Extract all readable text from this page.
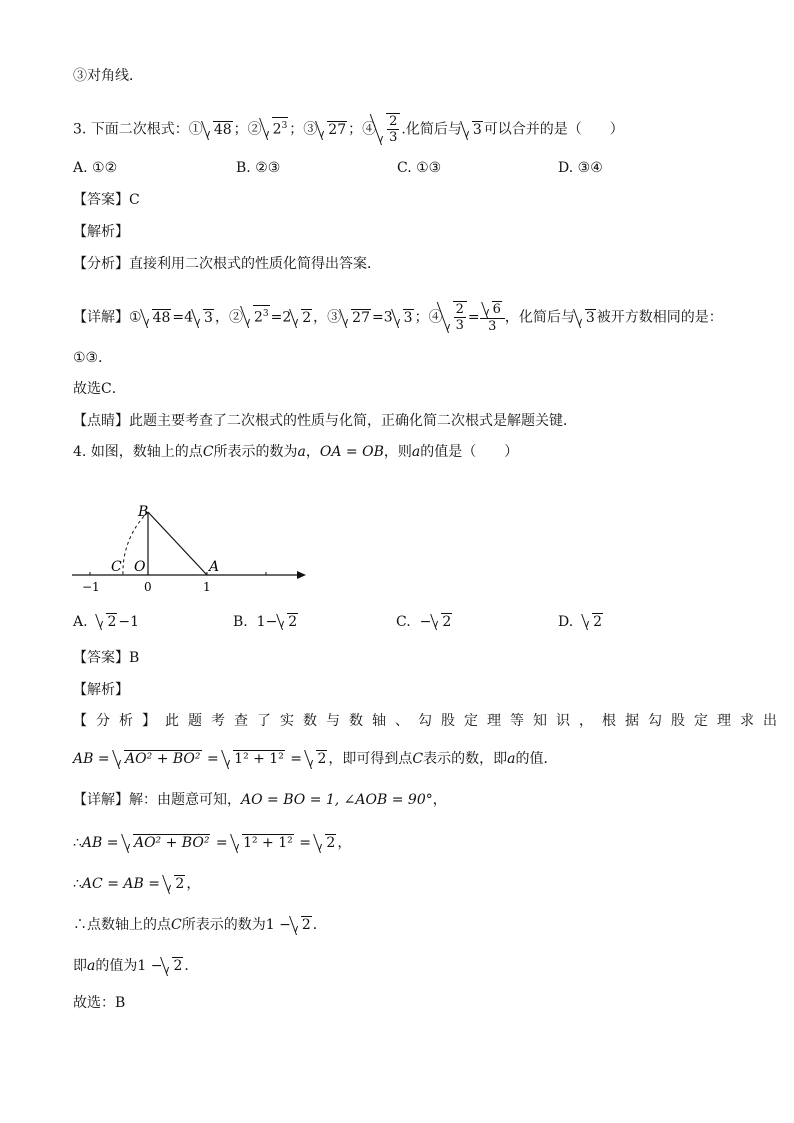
③对角线．
3. 下面二次根式：① 48 ；② $2^3$ ；③ 27 ；④ $\frac{2}{3}$ .化简后与 3 可以合并的是（　　）
A. ①②	B. ②③	C. ①③	D. ③④
【答案】C
【解析】
【分析】直接利用二次根式的性质化简得出答案．
【详解】① 48 =4 3 ，② $2^3 =2$ 2 ，③ 27 =3 3 ；④ $\frac{2}{3} = \frac{6}{3}$ ，化简后与 3 被开方数相同的是：
①③．
故选C．
【点睛】此题主要考查了二次根式的性质与化简，正确化简二次根式是解题关键．
4. 如图，数轴上的点C所表示的数为a，OA = OB，则a的值是（　　）
B
C O	A
−1	0	1
A. 2 −1	B. 1− 2	C. − 2	D. 2
【答案】B
【解析】
【分析】此题考查了实数与数轴、勾股定理等知识，根据勾股定理求出
AB = AO² + BO² = 1² + 1² = 2 ，即可得到点C表示的数，即a的值．
【详解】解：由题意可知，AO = BO = 1, ∠AOB = 90°，
∴AB = AO² + BO² = 1² + 1² = 2 ，
∴AC = AB = 2 ，
∴点数轴上的点C所表示的数为1 − 2 ．
即a的值为1 − 2 ．
故选：B
